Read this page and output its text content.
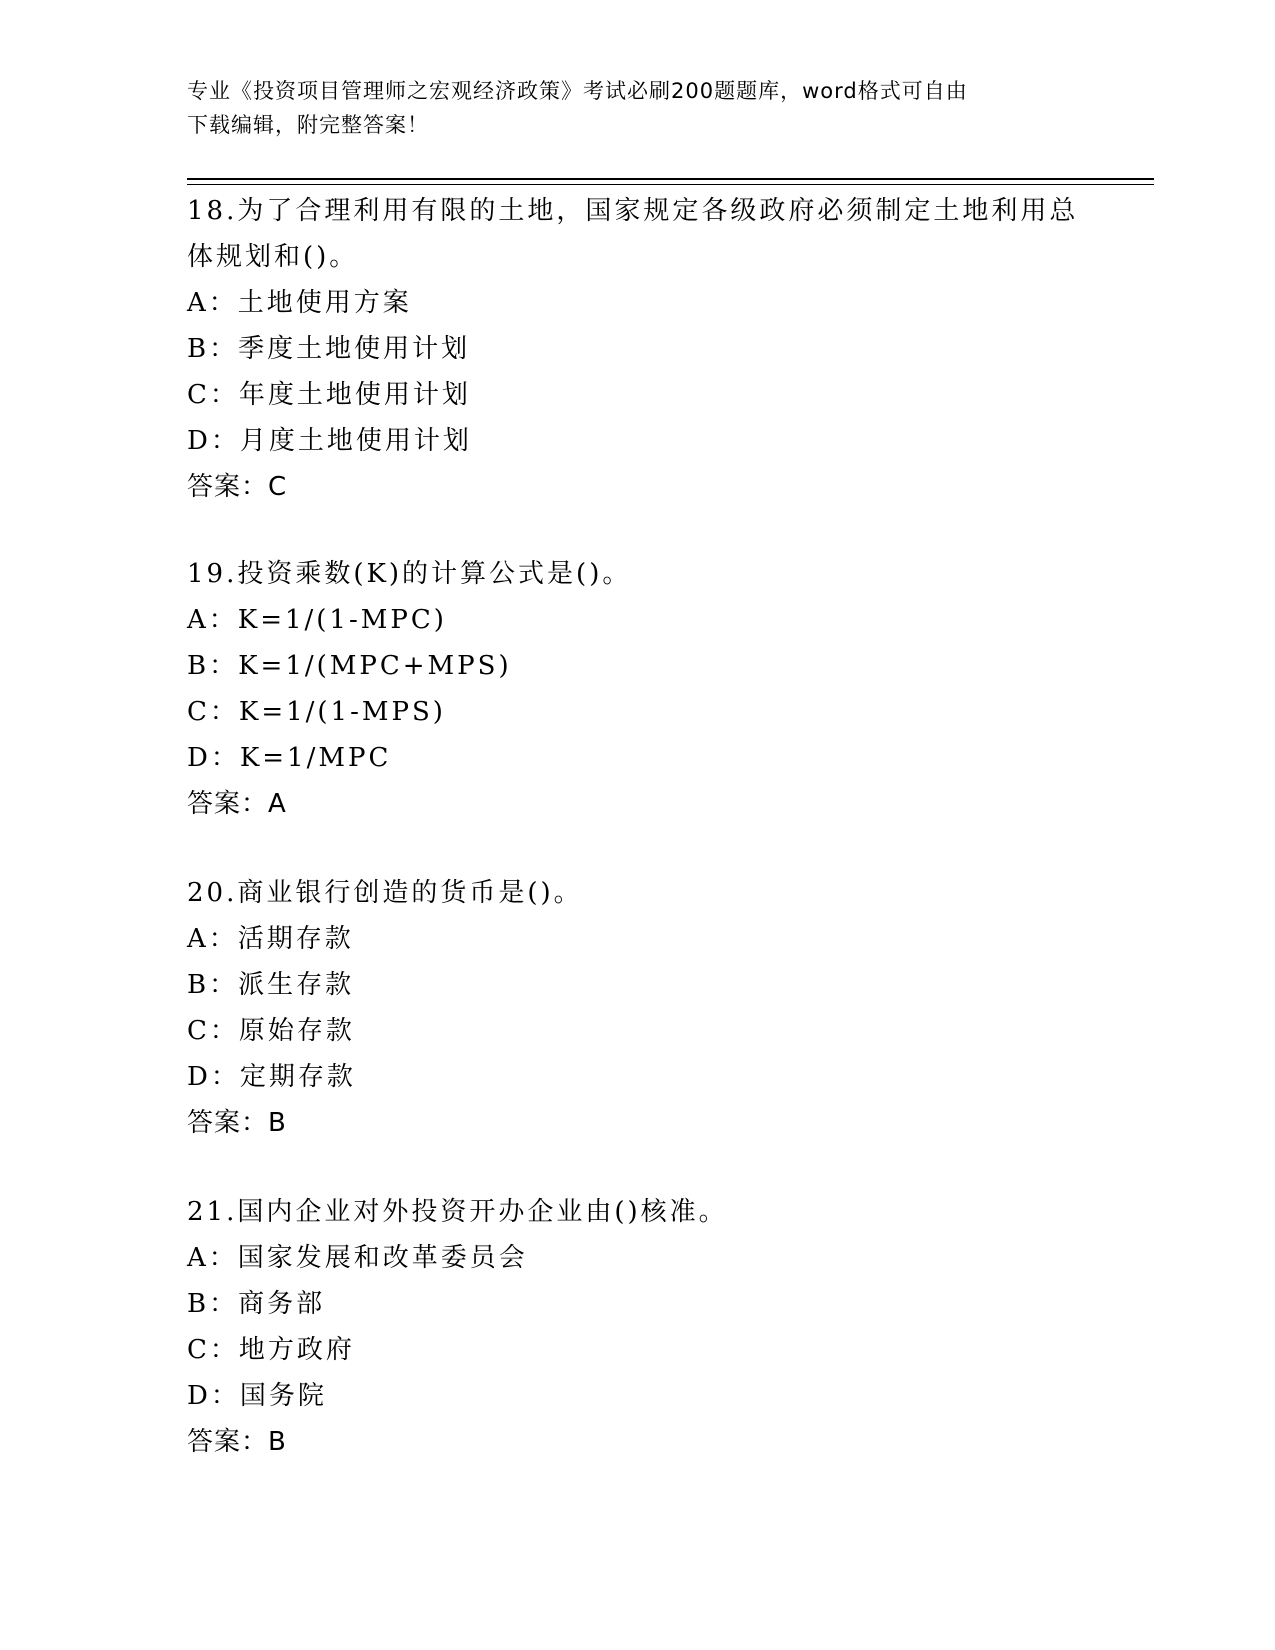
专业《投资项目管理师之宏观经济政策》考试必刷200题题库，word格式可自由

下载编辑，附完整答案！

18.为了合理利用有限的土地，国家规定各级政府必须制定土地利用总
体规划和()。
A：土地使用方案
B：季度土地使用计划
C：年度土地使用计划
D：月度土地使用计划
答案：C
19.投资乘数(K)的计算公式是()。
A：K=1/(1-MPC)
B：K=1/(MPC+MPS)
C：K=1/(1-MPS)
D：K=1/MPC
答案：A
20.商业银行创造的货币是()。
A：活期存款
B：派生存款
C：原始存款
D：定期存款
答案：B
21.国内企业对外投资开办企业由()核准。
A：国家发展和改革委员会
B：商务部
C：地方政府
D：国务院
答案：B
